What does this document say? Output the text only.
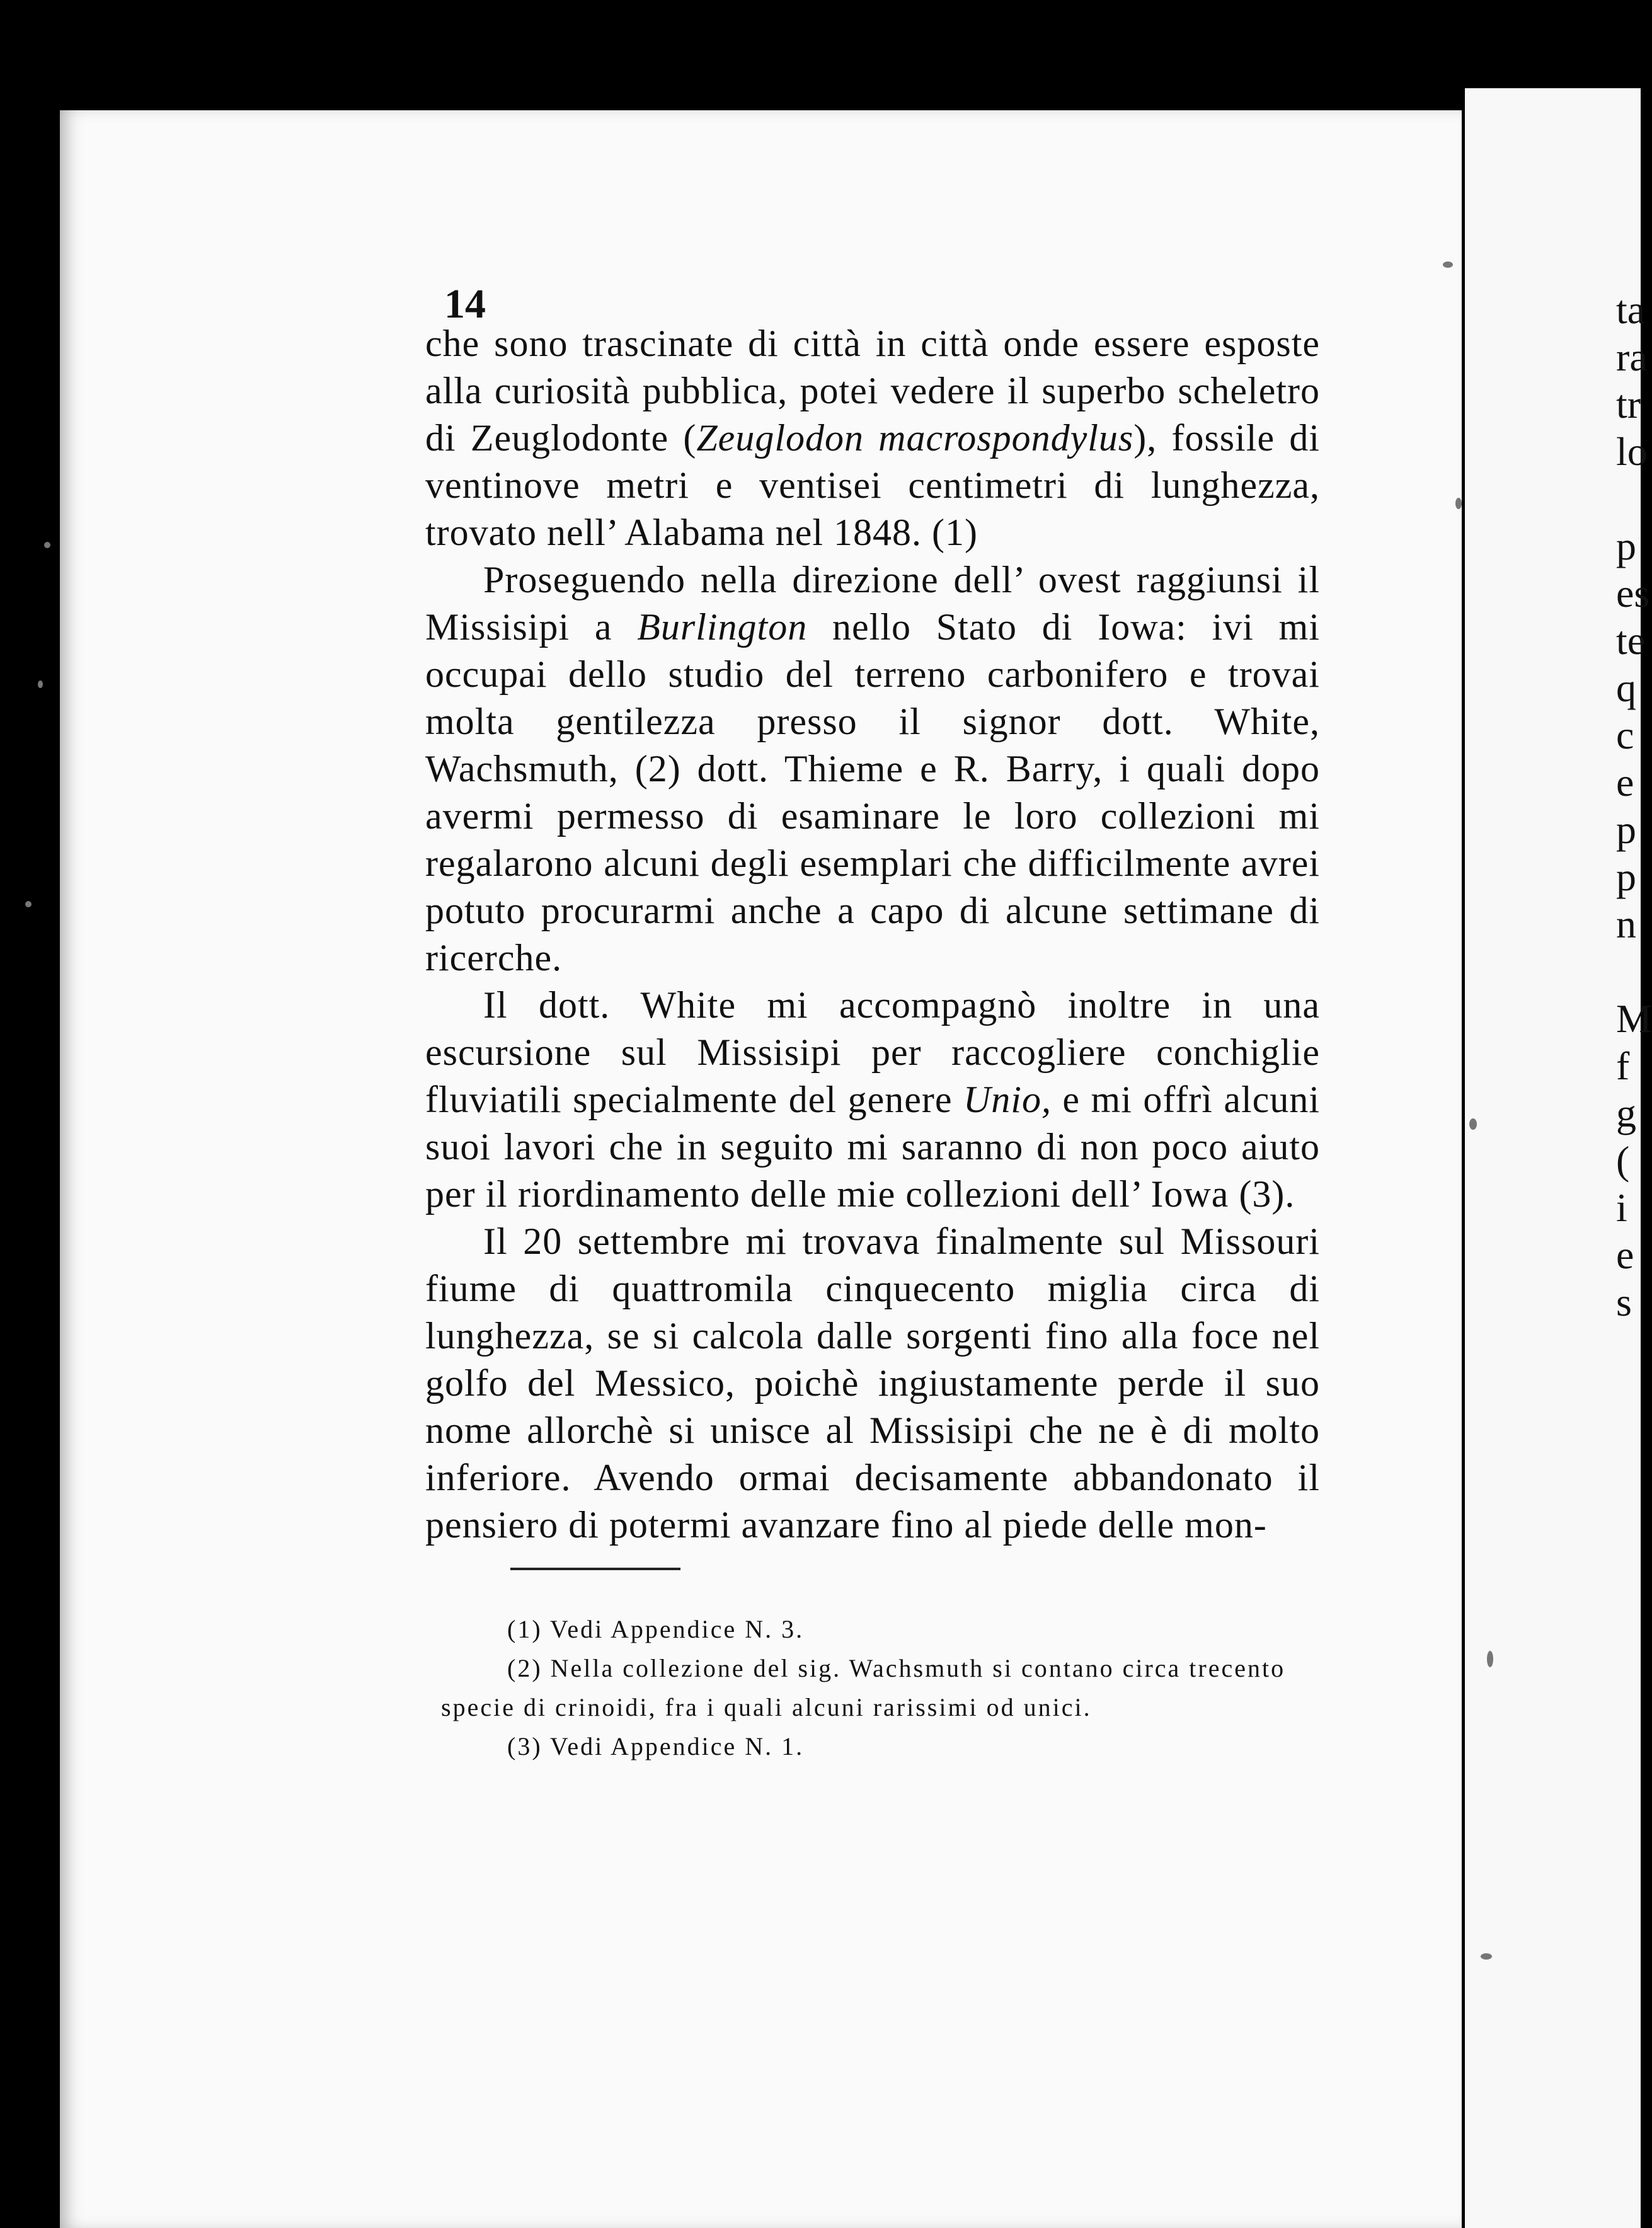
ta
ra
tr
lo
p
es
te
q
c
e
p
p
n
M
f
g
(
i
e
s
14

che sono trascinate di città in città onde essere esposte alla curiosità pubblica, potei vedere il superbo scheletro di Zeuglodonte (Zeuglodon macrospondylus), fossile di ventinove metri e ventisei centimetri di lunghezza, trovato nell’ Alabama nel 1848. (1)

Proseguendo nella direzione dell’ ovest raggiunsi il Missisipi a Burlington nello Stato di Iowa: ivi mi occupai dello studio del terreno carbonifero e trovai molta gentilezza presso il signor dott. White, Wachsmuth, (2) dott. Thieme e R. Barry, i quali dopo avermi permesso di esaminare le loro collezioni mi regalarono alcuni degli esemplari che difficilmente avrei potuto procurarmi anche a capo di alcune settimane di ricerche.

Il dott. White mi accompagnò inoltre in una escursione sul Missisipi per raccogliere conchiglie fluviatili specialmente del genere Unio, e mi offrì alcuni suoi lavori che in seguito mi saranno di non poco aiuto per il riordinamento delle mie collezioni dell’ Iowa (3).

Il 20 settembre mi trovava finalmente sul Missouri fiume di quattromila cinquecento miglia circa di lunghezza, se si calcola dalle sorgenti fino alla foce nel golfo del Messico, poichè ingiustamente perde il suo nome allorchè si unisce al Missisipi che ne è di molto inferiore. Avendo ormai decisamente abbandonato il pensiero di potermi avanzare fino al piede delle mon-

(1) Vedi Appendice N. 3.

(2) Nella collezione del sig. Wachsmuth si contano circa trecento specie di crinoidi, fra i quali alcuni rarissimi od unici.

(3) Vedi Appendice N. 1.
